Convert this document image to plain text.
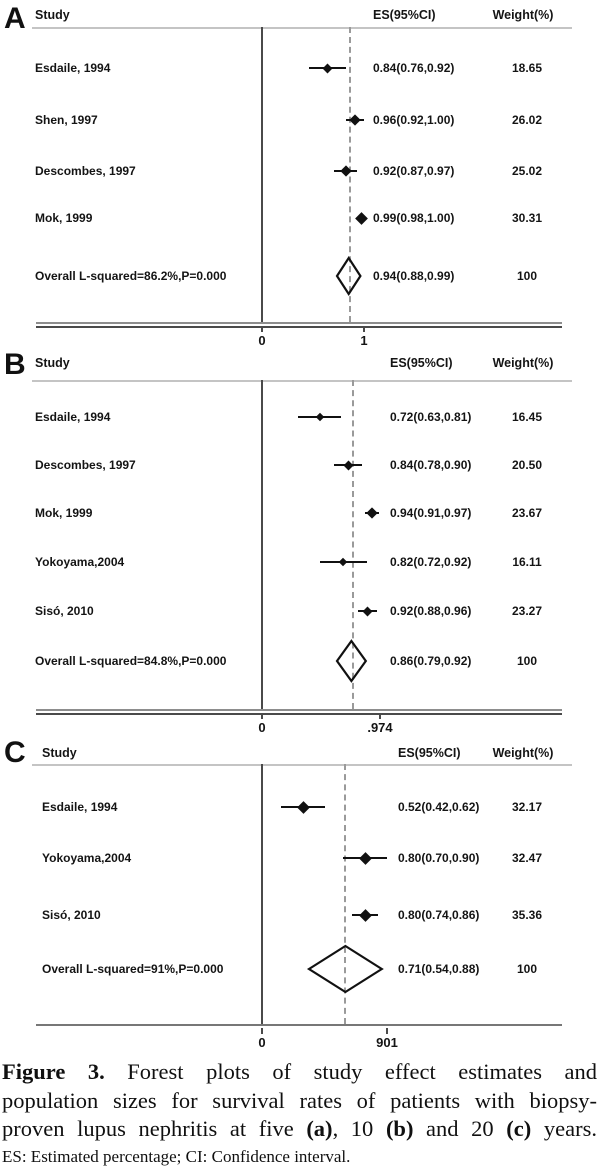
A Study	ES(95%CI)	Weight(%)
Esdaile, 1994	0.84(0.76,0.92)	18.65
Shen, 1997	0.96(0.92,1.00)	26.02
Descombes, 1997	0.92(0.87,0.97)	25.02
Mok, 1999	0.99(0.98,1.00)	30.31
Overall L-squared=86.2%,P=0.000	0.94(0.88,0.99)	100
0	1
B Study	ES(95%CI)	Weight(%)
Esdaile, 1994	0.72(0.63,0.81)	16.45
Descombes, 1997	0.84(0.78,0.90)	20.50
Mok, 1999	0.94(0.91,0.97)	23.67
Yokoyama,2004	0.82(0.72,0.92)	16.11
Sisó, 2010	0.92(0.88,0.96)	23.27
Overall L-squared=84.8%,P=0.000	0.86(0.79,0.92)	100
0	.974
C Study	ES(95%CI)	Weight(%)
Esdaile, 1994	0.52(0.42,0.62)	32.17
Yokoyama,2004	0.80(0.70,0.90)	32.47
Sisó, 2010	0.80(0.74,0.86)	35.36
Overall L-squared=91%,P=0.000	0.71(0.54,0.88)	100
0	901
Figure 3. Forest plots of study effect estimates and
population sizes for survival rates of patients with biopsy-
proven lupus nephritis at five (a), 10 (b) and 20 (c) years.
ES: Estimated percentage; CI: Confidence interval.
